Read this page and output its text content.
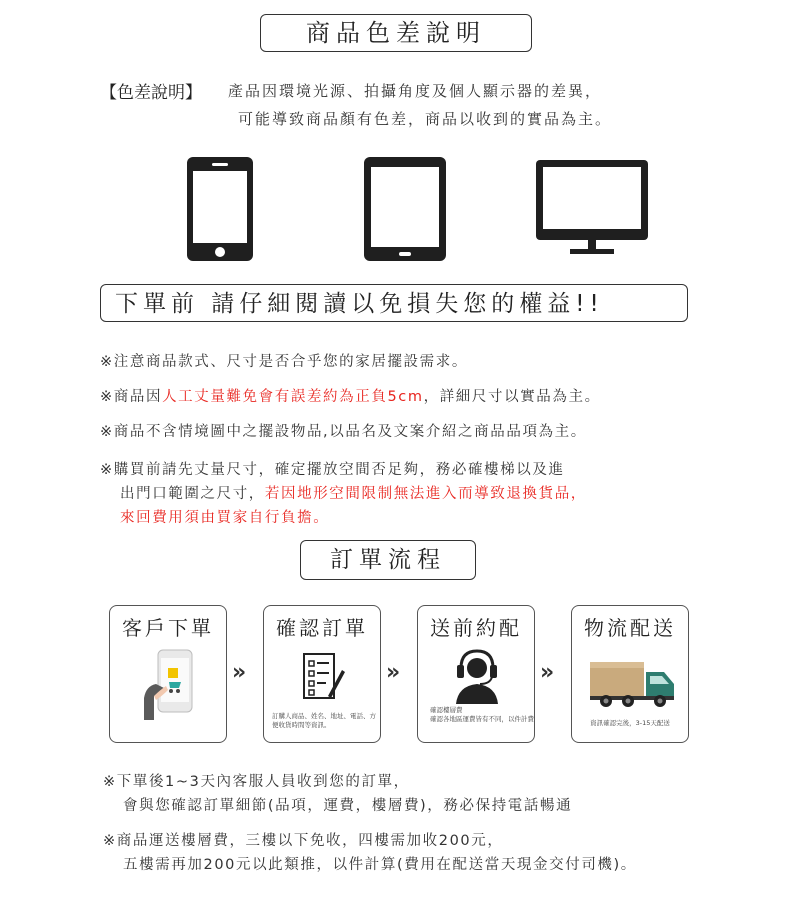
商品色差說明
【色差說明】 產品因環境光源、拍攝角度及個人顯示器的差異，
可能導致商品顏有色差，商品以收到的實品為主。
下單前 請仔細閱讀以免損失您的權益!!
※注意商品款式、尺寸是否合乎您的家居擺設需求。
※商品因人工丈量難免會有誤差約為正負5cm，詳細尺寸以實品為主。
※商品不含情境圖中之擺設物品,以品名及文案介紹之商品品項為主。
※購買前請先丈量尺寸，確定擺放空間否足夠，務必確樓梯以及進
出門口範圍之尺寸，若因地形空間限制無法進入而導致退換貨品，
來回費用須由買家自行負擔。
訂單流程
客戶下單
»
確認訂單
訂購人商品、姓名、地址、電話、方便收貨時間等資訊。
»
送前約配
確認樓層費
確認各地區運費皆有不同，以件計費
»
物流配送
資訊確認完後，3-15天配送
※下單後1~3天內客服人員收到您的訂單，
會與您確認訂單細節(品項，運費，樓層費)，務必保持電話暢通
※商品運送樓層費，三樓以下免收，四樓需加收200元，
五樓需再加200元以此類推，以件計算(費用在配送當天現金交付司機)。
